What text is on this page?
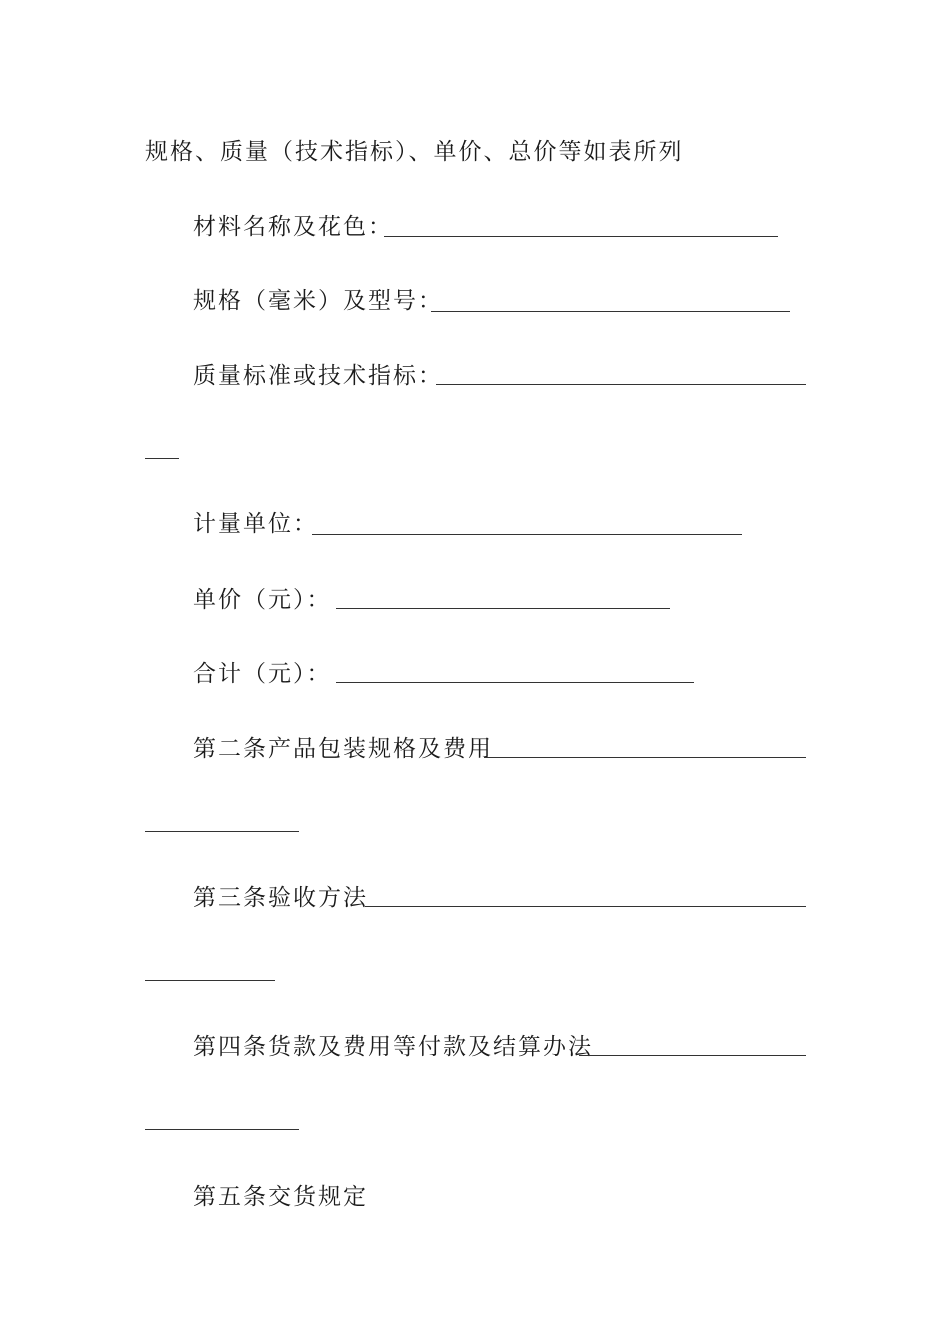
规格、质量（技术指标）、单价、总价等如表所列
材料名称及花色：
规格（毫米）及型号：
质量标准或技术指标：
计量单位：
单价（元）：
合计（元）：
第二条产品包装规格及费用
第三条验收方法
第四条货款及费用等付款及结算办法
第五条交货规定
